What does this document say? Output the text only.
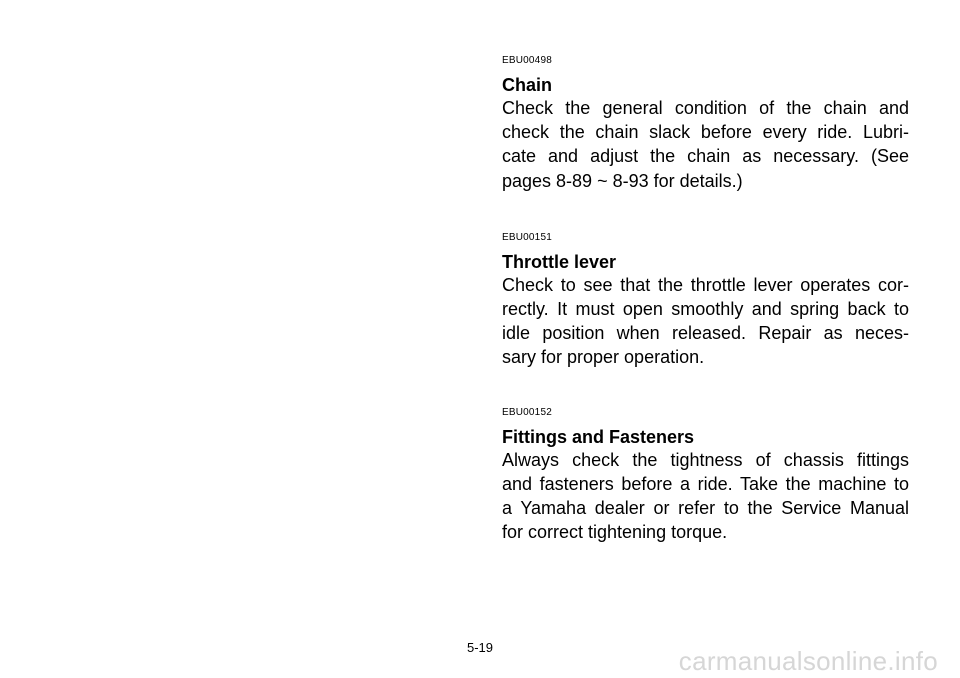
EBU00498
Chain
Check the general condition of the chain and
check the chain slack before every ride. Lubri-
cate and adjust the chain as necessary. (See
pages 8-89 ~ 8-93 for details.)
EBU00151
Throttle lever
Check to see that the throttle lever operates cor-
rectly. It must open smoothly and spring back to
idle position when released. Repair as neces-
sary for proper operation.
EBU00152
Fittings and Fasteners
Always check the tightness of chassis fittings
and fasteners before a ride. Take the machine to
a Yamaha dealer or refer to the Service Manual
for correct tightening torque.
5-19	carmanualsonline.info
